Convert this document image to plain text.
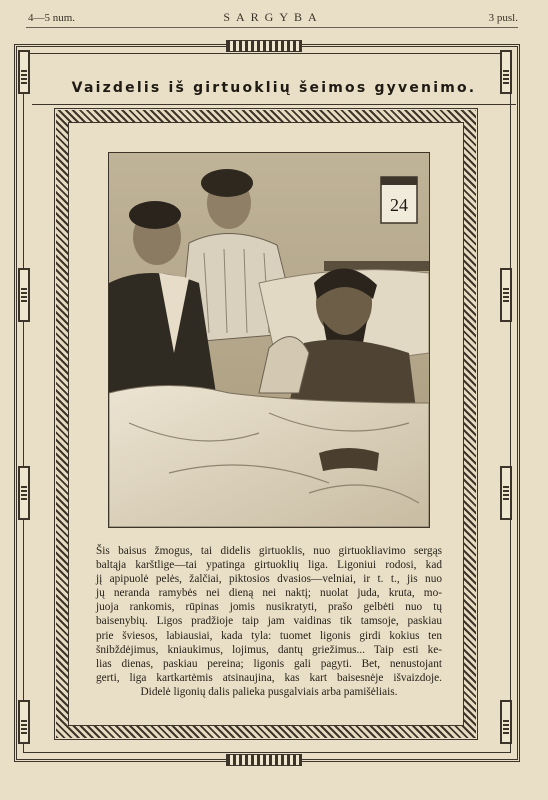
4—5 num.	SARGYBA	3 pusl.
Vaizdelis iš girtuoklių šeimos gyvenimo.
24
Šis baisus žmogus, tai didelis girtuoklis, nuo girtuokliavimo sergąs
baltąja karštlige—tai ypatinga girtuoklių liga. Ligoniui rodosi, kad
jį apipuolė pelės, žalčiai, piktosios dvasios—velniai, ir t. t., jis nuo
jų neranda ramybės nei dieną nei naktį; nuolat juda, kruta, mo-
juoja rankomis, rūpinas jomis nusikratyti, prašo gelbėti nuo tų
baisenybių. Ligos pradžioje taip jam vaidinas tik tamsoje, paskiau
prie šviesos, labiausiai, kada tyla: tuomet ligonis girdi kokius ten
šnibždėjimus, kniaukimus, lojimus, dantų griežimus... Taip esti ke-
lias dienas, paskiau pereina; ligonis gali pagyti. Bet, nenustojant
gerti, liga kartkartėmis atsinaujina, kas kart baisesnėje išvaizdoje.
Didelė ligonių dalis palieka pusgalviais arba pamišėliais.
